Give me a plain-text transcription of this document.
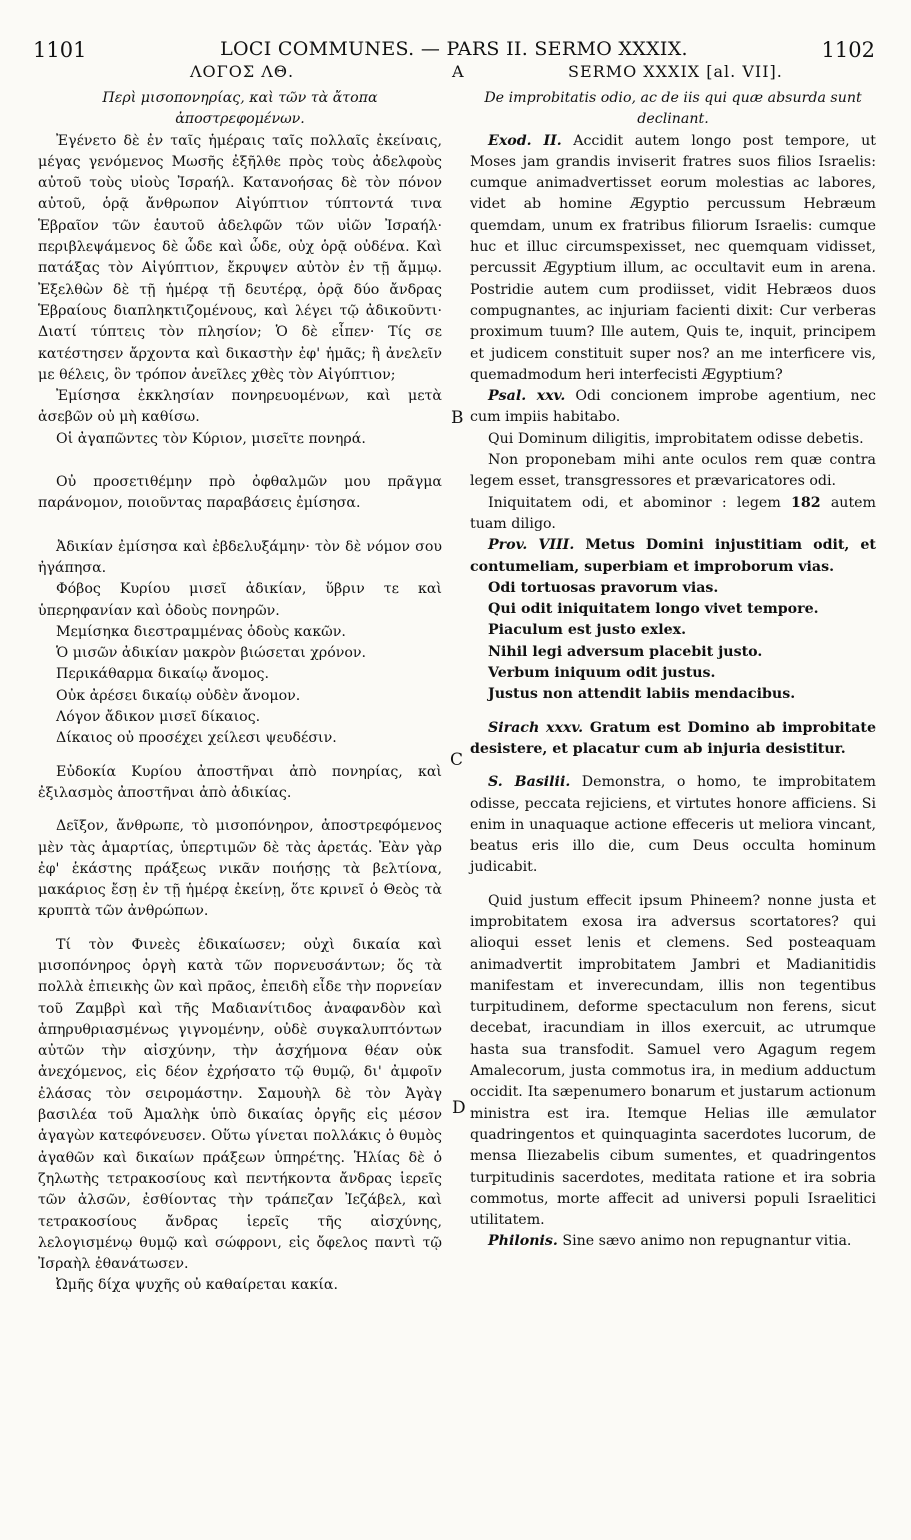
1101	LOCI COMMUNES. — PARS II. SERMO XXXIX.	1102
ΛΟΓΟΣ ΛΘ.	A	SERMO XXXIX [al. VII].

Περὶ μισοπονηρίας, καὶ τῶν τὰ ἄτοπα ἀποστρεφομένων.

Ἐγένετο δὲ ἐν ταῖς ἡμέραις ταῖς πολλαῖς ἐκείναις, μέγας γενόμενος Μωσῆς ἐξῆλθε πρὸς τοὺς ἀδελφοὺς αὐτοῦ τοὺς υἱοὺς Ἰσραήλ. Κατανοήσας δὲ τὸν πόνον αὐτοῦ, ὁρᾷ ἄνθρωπον Αἰγύπτιον τύπτοντά τινα Ἑβραῖον τῶν ἑαυτοῦ ἀδελφῶν τῶν υἱῶν Ἰσραήλ· περιβλεψάμενος δὲ ὧδε καὶ ὧδε, οὐχ ὁρᾷ οὐδένα. Καὶ πατάξας τὸν Αἰγύπτιον, ἔκρυψεν αὐτὸν ἐν τῇ ἄμμῳ. Ἐξελθὼν δὲ τῇ ἡμέρᾳ τῇ δευτέρᾳ, ὁρᾷ δύο ἄνδρας Ἑβραίους διαπληκτιζομένους, καὶ λέγει τῷ ἀδικοῦντι· Διατί τύπτεις τὸν πλησίον; Ὁ δὲ εἶπεν· Τίς σε κατέστησεν ἄρχοντα καὶ δικαστὴν ἐφ' ἡμᾶς; ἢ ἀνελεῖν με θέλεις, ὃν τρόπον ἀνεῖλες χθὲς τὸν Αἰγύπτιον;

Ἐμίσησα ἐκκλησίαν πονηρευομένων, καὶ μετὰ ἀσεβῶν οὐ μὴ καθίσω.

Οἱ ἀγαπῶντες τὸν Κύριον, μισεῖτε πονηρά.

Οὐ προσετιθέμην πρὸ ὀφθαλμῶν μου πρᾶγμα παράνομον, ποιοῦντας παραβάσεις ἐμίσησα.

Ἀδικίαν ἐμίσησα καὶ ἐβδελυξάμην· τὸν δὲ νόμον σου ἠγάπησα.

Φόβος Κυρίου μισεῖ ἀδικίαν, ὕβριν τε καὶ ὑπερηφανίαν καὶ ὁδοὺς πονηρῶν.

Μεμίσηκα διεστραμμένας ὁδοὺς κακῶν.

Ὁ μισῶν ἀδικίαν μακρὸν βιώσεται χρόνον.

Περικάθαρμα δικαίῳ ἄνομος.

Οὐκ ἀρέσει δικαίῳ οὐδὲν ἄνομον.

Λόγον ἄδικον μισεῖ δίκαιος.

Δίκαιος οὐ προσέχει χείλεσι ψευδέσιν.

Εὐδοκία Κυρίου ἀποστῆναι ἀπὸ πονηρίας, καὶ ἐξιλασμὸς ἀποστῆναι ἀπὸ ἀδικίας.

Δεῖξον, ἄνθρωπε, τὸ μισοπόνηρον, ἀποστρεφόμενος μὲν τὰς ἁμαρτίας, ὑπερτιμῶν δὲ τὰς ἀρετάς. Ἐὰν γὰρ ἐφ' ἑκάστης πράξεως νικᾶν ποιήσῃς τὰ βελτίονα, μακάριος ἔσῃ ἐν τῇ ἡμέρᾳ ἐκείνῃ, ὅτε κρινεῖ ὁ Θεὸς τὰ κρυπτὰ τῶν ἀνθρώπων.

Τί τὸν Φινεὲς ἐδικαίωσεν; οὐχὶ δικαία καὶ μισοπόνηρος ὀργὴ κατὰ τῶν πορνευσάντων; ὅς τὰ πολλὰ ἐπιεικὴς ὢν καὶ πρᾶος, ἐπειδὴ εἶδε τὴν πορνείαν τοῦ Ζαμβρὶ καὶ τῆς Μαδιανίτιδος ἀναφανδὸν καὶ ἀπηρυθριασμένως γιγνομένην, οὐδὲ συγκαλυπτόντων αὐτῶν τὴν αἰσχύνην, τὴν ἀσχήμονα θέαν οὐκ ἀνεχόμενος, εἰς δέον ἐχρήσατο τῷ θυμῷ, δι' ἀμφοῖν ἐλάσας τὸν σειρομάστην. Σαμουὴλ δὲ τὸν Ἀγὰγ βασιλέα τοῦ Ἀμαλὴκ ὑπὸ δικαίας ὀργῆς εἰς μέσον ἀγαγὼν κατεφόνευσεν. Οὕτω γίνεται πολλάκις ὁ θυμὸς ἀγαθῶν καὶ δικαίων πράξεων ὑπηρέτης. Ἡλίας δὲ ὁ ζηλωτὴς τετρακοσίους καὶ πεντήκοντα ἄνδρας ἱερεῖς τῶν ἀλσῶν, ἐσθίοντας τὴν τράπεζαν Ἰεζάβελ, καὶ τετρακοσίους ἄνδρας ἱερεῖς τῆς αἰσχύνης, λελογισμένῳ θυμῷ καὶ σώφρονι, εἰς ὄφελος παντὶ τῷ Ἰσραὴλ ἐθανάτωσεν.

Ὠμῆς δίχα ψυχῆς οὐ καθαίρεται κακία.

B
C
D

De improbitatis odio, ac de iis qui quæ absurda sunt declinant.

Exod. II. Accidit autem longo post tempore, ut Moses jam grandis inviserit fratres suos filios Israelis: cumque animadvertisset eorum molestias ac labores, videt ab homine Ægyptio percussum Hebræum quemdam, unum ex fratribus filiorum Israelis: cumque huc et illuc circumspexisset, nec quemquam vidisset, percussit Ægyptium illum, ac occultavit eum in arena. Postridie autem cum prodiisset, vidit Hebræos duos compugnantes, ac injuriam facienti dixit: Cur verberas proximum tuum? Ille autem, Quis te, inquit, principem et judicem constituit super nos? an me interficere vis, quemadmodum heri interfecisti Ægyptium?

Psal. xxv. Odi concionem improbe agentium, nec cum impiis habitabo.

Qui Dominum diligitis, improbitatem odisse debetis.

Non proponebam mihi ante oculos rem quæ contra legem esset, transgressores et prævaricatores odi.

Iniquitatem odi, et abominor : legem 182 autem tuam diligo.

Prov. VIII. Metus Domini injustitiam odit, et contumeliam, superbiam et improborum vias.

Odi tortuosas pravorum vias.

Qui odit iniquitatem longo vivet tempore.

Piaculum est justo exlex.

Nihil legi adversum placebit justo.

Verbum iniquum odit justus.

Justus non attendit labiis mendacibus.

Sirach xxxv. Gratum est Domino ab improbitate desistere, et placatur cum ab injuria desistitur.

S. Basilii. Demonstra, o homo, te improbitatem odisse, peccata rejiciens, et virtutes honore afficiens. Si enim in unaquaque actione effeceris ut meliora vincant, beatus eris illo die, cum Deus occulta hominum judicabit.

Quid justum effecit ipsum Phineem? nonne justa et improbitatem exosa ira adversus scortatores? qui alioqui esset lenis et clemens. Sed posteaquam animadvertit improbitatem Jambri et Madianitidis manifestam et inverecundam, illis non tegentibus turpitudinem, deforme spectaculum non ferens, sicut decebat, iracundiam in illos exercuit, ac utrumque hasta sua transfodit. Samuel vero Agagum regem Amalecorum, justa commotus ira, in medium adductum occidit. Ita sæpenumero bonarum et justarum actionum ministra est ira. Itemque Helias ille æmulator quadringentos et quinquaginta sacerdotes lucorum, de mensa Iliezabelis cibum sumentes, et quadringentos turpitudinis sacerdotes, meditata ratione et ira sobria commotus, morte affecit ad universi populi Israelitici utilitatem.

Philonis. Sine sævo animo non repugnantur vitia.
